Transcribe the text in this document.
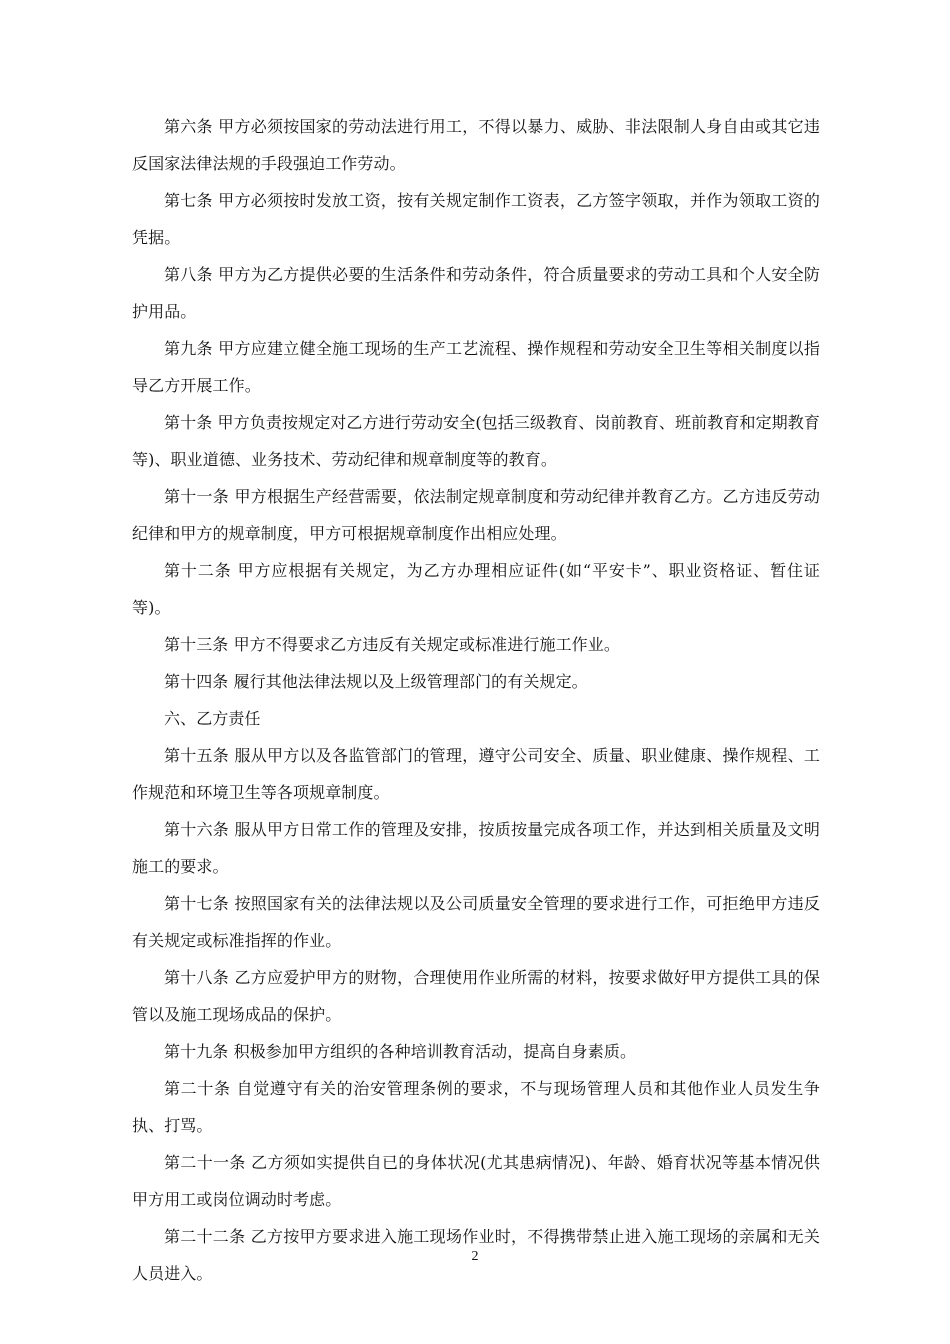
第六条 甲方必须按国家的劳动法进行用工，不得以暴力、威胁、非法限制人身自由或其它违反国家法律法规的手段强迫工作劳动。

第七条 甲方必须按时发放工资，按有关规定制作工资表，乙方签字领取，并作为领取工资的凭据。

第八条 甲方为乙方提供必要的生活条件和劳动条件，符合质量要求的劳动工具和个人安全防护用品。

第九条 甲方应建立健全施工现场的生产工艺流程、操作规程和劳动安全卫生等相关制度以指导乙方开展工作。

第十条 甲方负责按规定对乙方进行劳动安全(包括三级教育、岗前教育、班前教育和定期教育等)、职业道德、业务技术、劳动纪律和规章制度等的教育。

第十一条 甲方根据生产经营需要，依法制定规章制度和劳动纪律并教育乙方。乙方违反劳动纪律和甲方的规章制度，甲方可根据规章制度作出相应处理。

第十二条 甲方应根据有关规定，为乙方办理相应证件(如“平安卡”、职业资格证、暂住证等)。

第十三条 甲方不得要求乙方违反有关规定或标准进行施工作业。

第十四条 履行其他法律法规以及上级管理部门的有关规定。

六、乙方责任

第十五条 服从甲方以及各监管部门的管理，遵守公司安全、质量、职业健康、操作规程、工作规范和环境卫生等各项规章制度。

第十六条 服从甲方日常工作的管理及安排，按质按量完成各项工作，并达到相关质量及文明施工的要求。

第十七条 按照国家有关的法律法规以及公司质量安全管理的要求进行工作，可拒绝甲方违反有关规定或标准指挥的作业。

第十八条 乙方应爱护甲方的财物，合理使用作业所需的材料，按要求做好甲方提供工具的保管以及施工现场成品的保护。

第十九条 积极参加甲方组织的各种培训教育活动，提高自身素质。

第二十条 自觉遵守有关的治安管理条例的要求，不与现场管理人员和其他作业人员发生争执、打骂。

第二十一条 乙方须如实提供自已的身体状况(尤其患病情况)、年龄、婚育状况等基本情况供甲方用工或岗位调动时考虑。

第二十二条 乙方按甲方要求进入施工现场作业时，不得携带禁止进入施工现场的亲属和无关人员进入。

2
